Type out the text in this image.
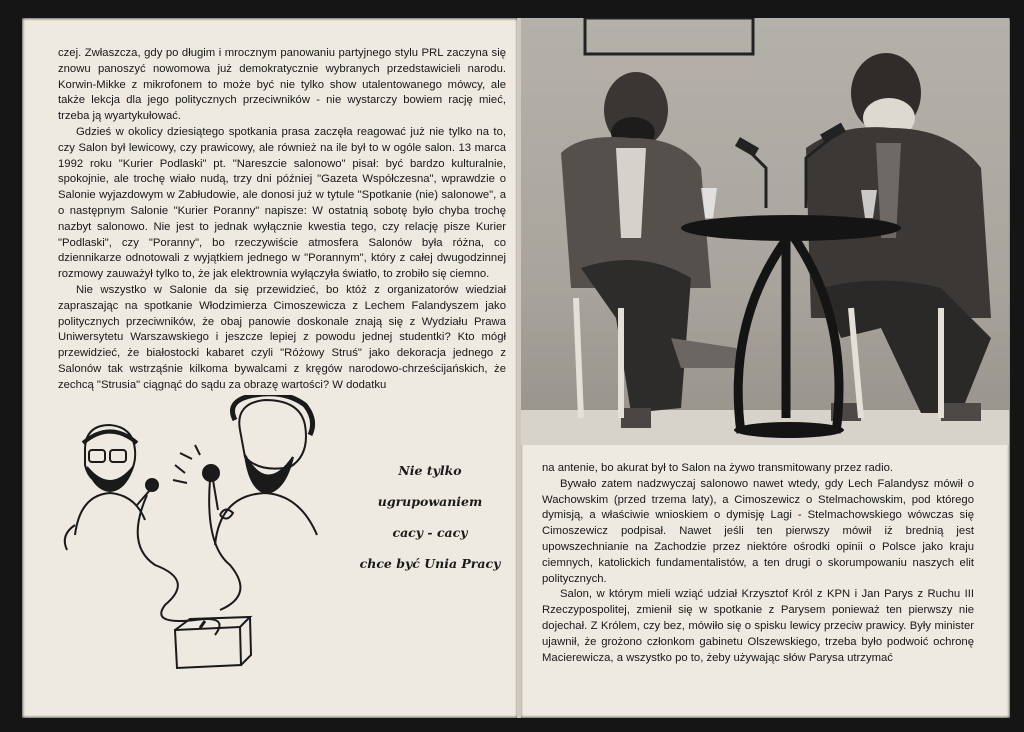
czej. Zwłaszcza, gdy po długim i mrocznym panowaniu partyjnego stylu PRL zaczyna się znowu panoszyć nowomowa już demokratycznie wybranych przedstawicieli narodu. Korwin-Mikke z mikrofonem to może być nie tylko show utalentowanego mówcy, ale także lekcja dla jego politycznych przeciwników - nie wystarczy bowiem rację mieć, trzeba ją wyartykułować.

Gdzieś w okolicy dziesiątego spotkania prasa zaczęła reagować już nie tylko na to, czy Salon był lewicowy, czy prawicowy, ale również na ile był to w ogóle salon. 13 marca 1992 roku "Kurier Podlaski" pt. "Nareszcie salonowo" pisał: być bardzo kulturalnie, spokojnie, ale trochę wiało nudą, trzy dni później "Gazeta Współczesna", wprawdzie o Salonie wyjazdowym w Zabłudowie, ale donosi już w tytule "Spotkanie (nie) salonowe", a o następnym Salonie "Kurier Poranny" napisze: W ostatnią sobotę było chyba trochę nazbyt salonowo. Nie jest to jednak wyłącznie kwestia tego, czy relację pisze Kurier "Podlaski", czy "Poranny", bo rzeczywiście atmosfera Salonów była różna, co dziennikarze odnotowali z wyjątkiem jednego w "Porannym", który z całej dwugodzinnej rozmowy zauważył tylko to, że jak elektrownia wyłączyła światło, to zrobiło się ciemno.

Nie wszystko w Salonie da się przewidzieć, bo któż z organizatorów wiedział zapraszając na spotkanie Włodzimierza Cimoszewicza z Lechem Falandyszem jako politycznych przeciwników, że obaj panowie doskonale znają się z Wydziału Prawa Uniwersytetu Warszawskiego i jeszcze lepiej z powodu jednej studentki? Kto mógł przewidzieć, że białostocki kabaret czyli "Różowy Struś" jako dekoracja jednego z Salonów tak wstrząśnie kilkoma bywalcami z kręgów narodowo-chrześcijańskich, że zechcą "Strusia" ciągnąć do sądu za obrazę wartości? W dodatku

Nie tylko
ugrupowaniem
cacy - cacy
chce być Unia Pracy

na antenie, bo akurat był to Salon na żywo transmitowany przez radio.

Bywało zatem nadzwyczaj salonowo nawet wtedy, gdy Lech Falandysz mówił o Wachowskim (przed trzema laty), a Cimoszewicz o Stelmachowskim, pod którego dymisją, a właściwie wnioskiem o dymisję Lagi - Stelmachowskiego wówczas się Cimoszewicz podpisał. Nawet jeśli ten pierwszy mówił iż brednią jest upowszechnianie na Zachodzie przez niektóre ośrodki opinii o Polsce jako kraju ciemnych, katolickich fundamentalistów, a ten drugi o skorumpowaniu naszych elit politycznych.

Salon, w którym mieli wziąć udział Krzysztof Król z KPN i Jan Parys z Ruchu III Rzeczypospolitej, zmienił się w spotkanie z Parysem ponieważ ten pierwszy nie dojechał. Z Królem, czy bez, mówiło się o spisku lewicy przeciw prawicy. Były minister ujawnił, że grożono członkom gabinetu Olszewskiego, trzeba było podwoić ochronę Macierewicza, a wszystko po to, żeby używając słów Parysa utrzymać
